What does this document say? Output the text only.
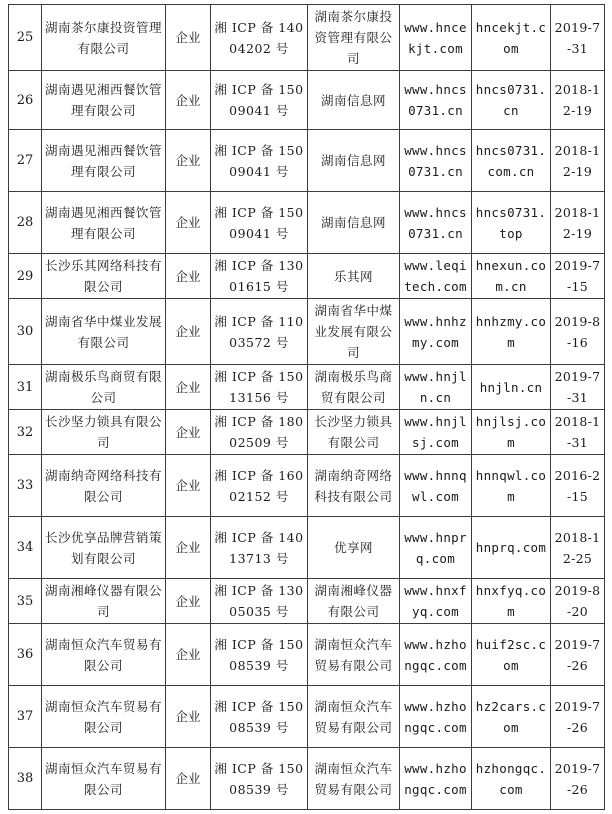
25	湖南茶尔康投资管理有限公司	企业	湘 ICP 备 14004202 号	湖南茶尔康投资管理有限公司	www.hncekjt.com	hncekjt.com	2019-7-31
26	湖南遇见湘西餐饮管理有限公司	企业	湘 ICP 备 15009041 号	湖南信息网	www.hncs0731.cn	hncs0731.cn	2018-12-19
27	湖南遇见湘西餐饮管理有限公司	企业	湘 ICP 备 15009041 号	湖南信息网	www.hncs0731.cn	hncs0731.com.cn	2018-12-19
28	湖南遇见湘西餐饮管理有限公司	企业	湘 ICP 备 15009041 号	湖南信息网	www.hncs0731.cn	hncs0731.top	2018-12-19
29	长沙乐其网络科技有限公司	企业	湘 ICP 备 13001615 号	乐其网	www.leqitech.com	hnexun.com.cn	2019-7-15
30	湖南省华中煤业发展有限公司	企业	湘 ICP 备 11003572 号	湖南省华中煤业发展有限公司	www.hnhzmy.com	hnhzmy.com	2019-8-16
31	湖南极乐鸟商贸有限公司	企业	湘 ICP 备 15013156 号	湖南极乐鸟商贸有限公司	www.hnjln.cn	hnjln.cn	2019-7-31
32	长沙坚力锁具有限公司	企业	湘 ICP 备 18002509 号	长沙坚力锁具有限公司	www.hnjlsj.com	hnjlsj.com	2018-1-31
33	湖南纳奇网络科技有限公司	企业	湘 ICP 备 16002152 号	湖南纳奇网络科技有限公司	www.hnnqwl.com	hnnqwl.com	2016-2-15
34	长沙优享品牌营销策划有限公司	企业	湘 ICP 备 14013713 号	优享网	www.hnprq.com	hnprq.com	2018-12-25
35	湖南湘峰仪器有限公司	企业	湘 ICP 备 13005035 号	湖南湘峰仪器有限公司	www.hnxfyq.com	hnxfyq.com	2019-8-20
36	湖南恒众汽车贸易有限公司	企业	湘 ICP 备 15008539 号	湖南恒众汽车贸易有限公司	www.hzhongqc.com	huif2sc.com	2019-7-26
37	湖南恒众汽车贸易有限公司	企业	湘 ICP 备 15008539 号	湖南恒众汽车贸易有限公司	www.hzhongqc.com	hz2cars.com	2019-7-26
38	湖南恒众汽车贸易有限公司	企业	湘 ICP 备 15008539 号	湖南恒众汽车贸易有限公司	www.hzhongqc.com	hzhongqc.com	2019-7-26
